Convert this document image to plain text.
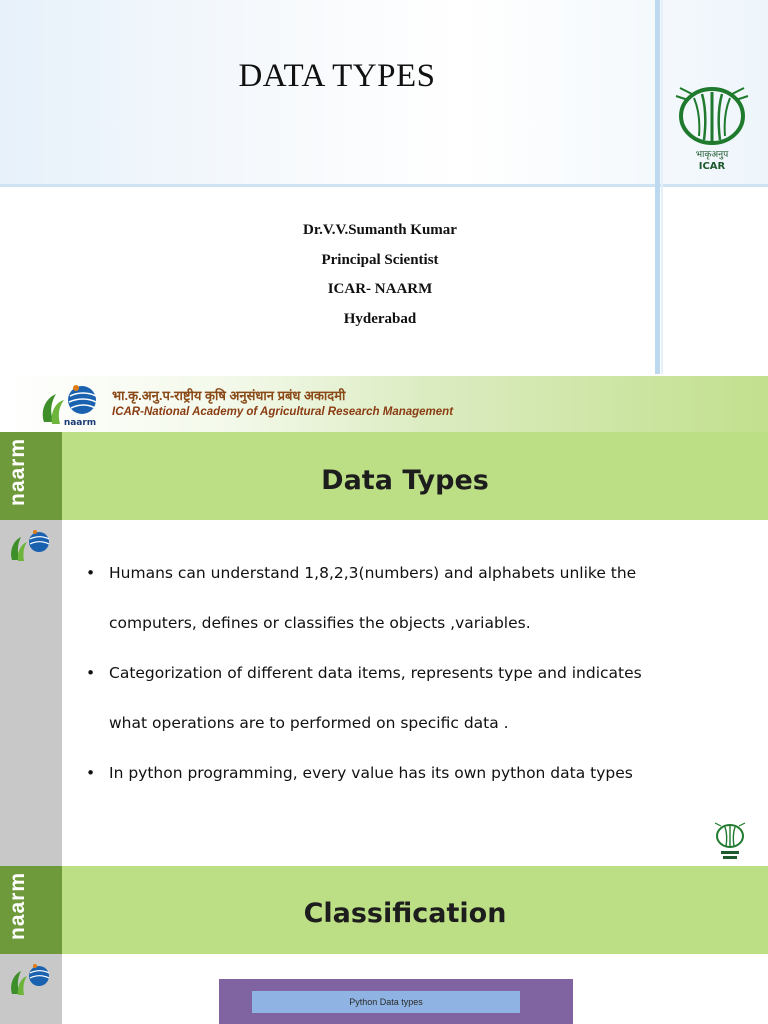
DATA TYPES
भाकृअनुप
ICAR
Dr.V.V.Sumanth Kumar
Principal Scientist
ICAR- NAARM
Hyderabad
naarm
भा.कृ.अनु.प-राष्ट्रीय कृषि अनुसंधान प्रबंध अकादमी
ICAR-National Academy of Agricultural Research Management
naarm	Data Types
• Humans can understand 1,8,2,3(numbers) and alphabets unlike the
computers, defines or classifies the objects ,variables.
• Categorization of different data items, represents type and indicates
what operations are to performed on specific data .
• In python programming, every value has its own python data types
naarm	Classification
Python Data types
